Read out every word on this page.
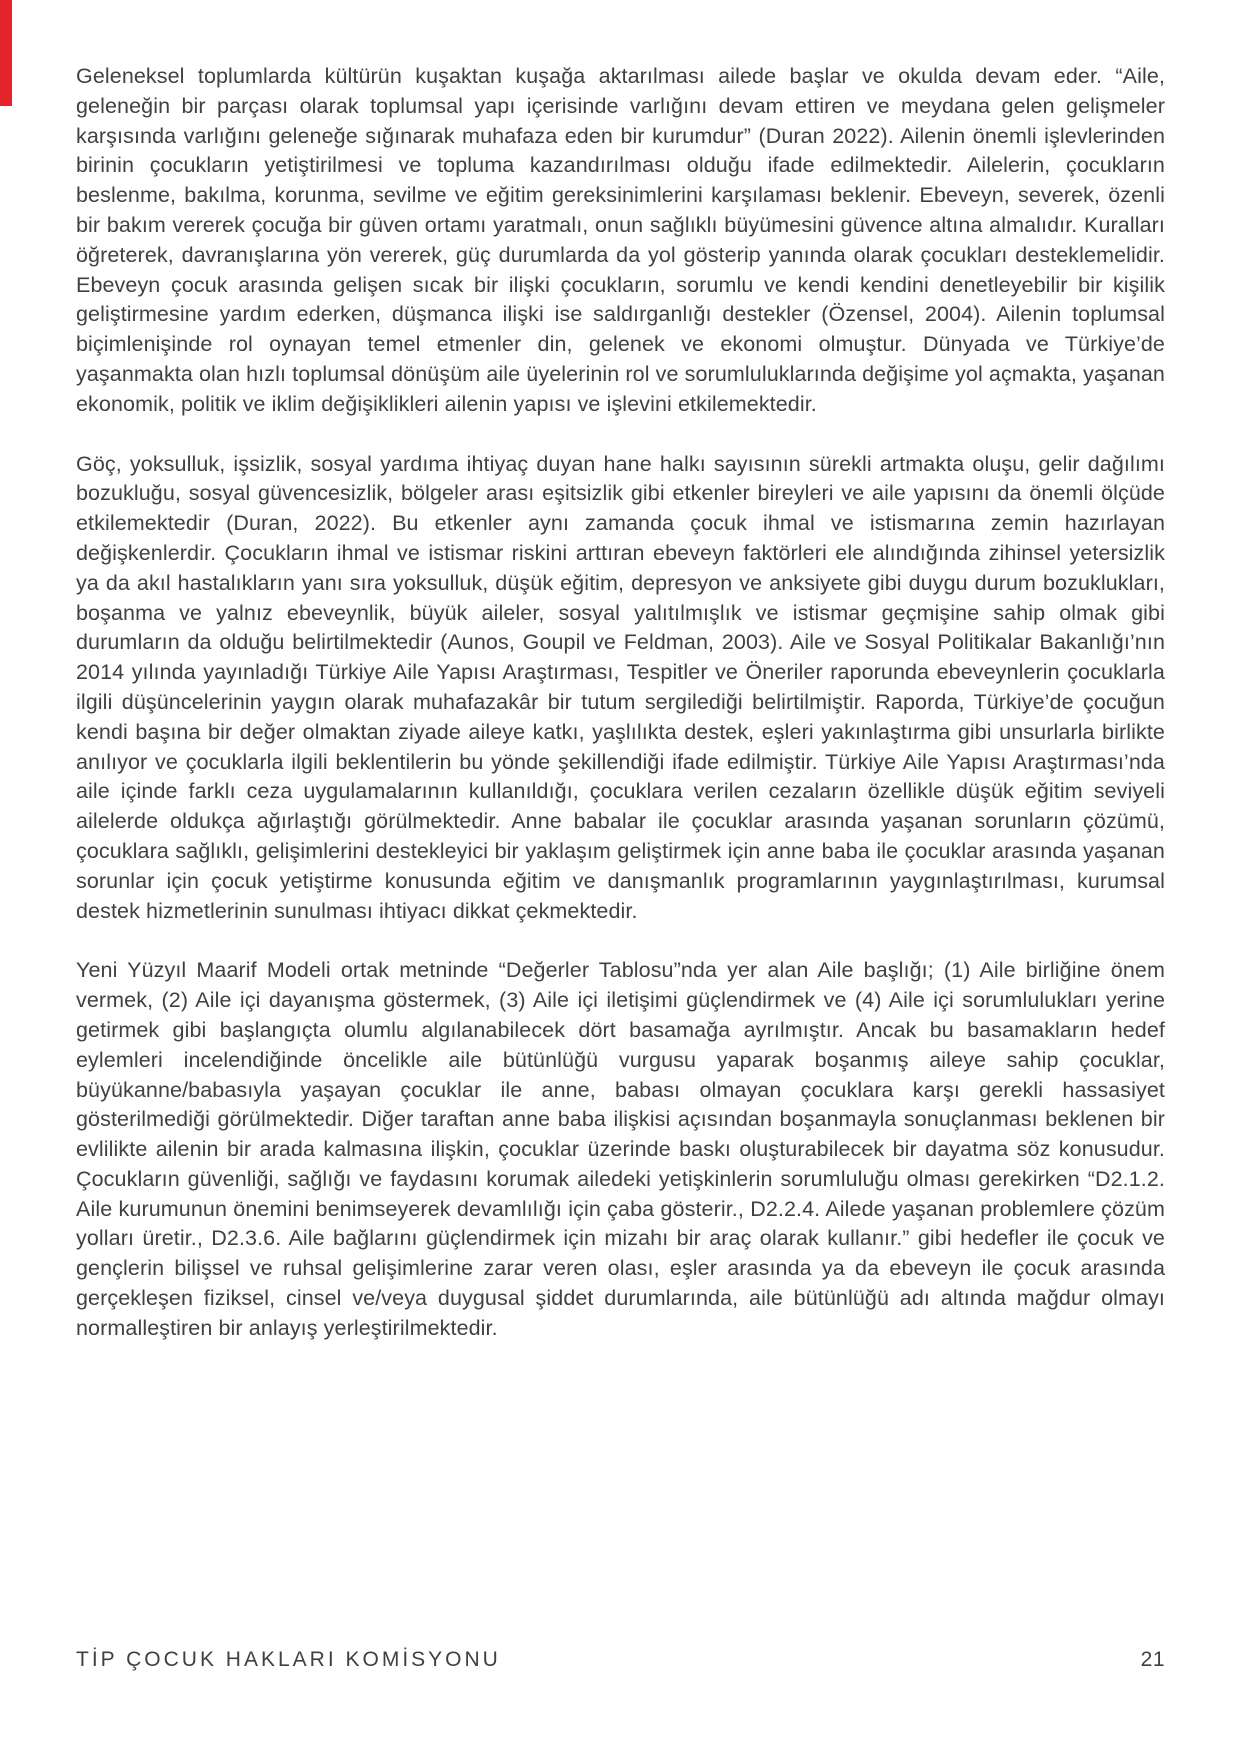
Geleneksel toplumlarda kültürün kuşaktan kuşağa aktarılması ailede başlar ve okulda devam eder. “Aile, geleneğin bir parçası olarak toplumsal yapı içerisinde varlığını devam ettiren ve meydana gelen gelişmeler karşısında varlığını geleneğe sığınarak muhafaza eden bir kurumdur” (Duran 2022). Ailenin önemli işlevlerinden birinin çocukların yetiştirilmesi ve topluma kazandırılması olduğu ifade edilmektedir. Ailelerin, çocukların beslenme, bakılma, korunma, sevilme ve eğitim gereksinimlerini karşılaması beklenir. Ebeveyn, severek, özenli bir bakım vererek çocuğa bir güven ortamı yaratmalı, onun sağlıklı büyümesini güvence altına almalıdır. Kuralları öğreterek, davranışlarına yön vererek, güç durumlarda da yol gösterip yanında olarak çocukları desteklemelidir. Ebeveyn çocuk arasında gelişen sıcak bir ilişki çocukların, sorumlu ve kendi kendini denetleyebilir bir kişilik geliştirmesine yardım ederken, düşmanca ilişki ise saldırganlığı destekler (Özensel, 2004). Ailenin toplumsal biçimlenişinde rol oynayan temel etmenler din, gelenek ve ekonomi olmuştur. Dünyada ve Türkiye’de yaşanmakta olan hızlı toplumsal dönüşüm aile üyelerinin rol ve sorumluluklarında değişime yol açmakta, yaşanan ekonomik, politik ve iklim değişiklikleri ailenin yapısı ve işlevini etkilemektedir.

Göç, yoksulluk, işsizlik, sosyal yardıma ihtiyaç duyan hane halkı sayısının sürekli artmakta oluşu, gelir dağılımı bozukluğu, sosyal güvencesizlik, bölgeler arası eşitsizlik gibi etkenler bireyleri ve aile yapısını da önemli ölçüde etkilemektedir (Duran, 2022). Bu etkenler aynı zamanda çocuk ihmal ve istismarına zemin hazırlayan değişkenlerdir. Çocukların ihmal ve istismar riskini arttıran ebeveyn faktörleri ele alındığında zihinsel yetersizlik ya da akıl hastalıkların yanı sıra yoksulluk, düşük eğitim, depresyon ve anksiyete gibi duygu durum bozuklukları, boşanma ve yalnız ebeveynlik, büyük aileler, sosyal yalıtılmışlık ve istismar geçmişine sahip olmak gibi durumların da olduğu belirtilmektedir (Aunos, Goupil ve Feldman, 2003). Aile ve Sosyal Politikalar Bakanlığı’nın 2014 yılında yayınladığı Türkiye Aile Yapısı Araştırması, Tespitler ve Öneriler raporunda ebeveynlerin çocuklarla ilgili düşüncelerinin yaygın olarak muhafazakâr bir tutum sergilediği belirtilmiştir. Raporda, Türkiye’de çocuğun kendi başına bir değer olmaktan ziyade aileye katkı, yaşlılıkta destek, eşleri yakınlaştırma gibi unsurlarla birlikte anılıyor ve çocuklarla ilgili beklentilerin bu yönde şekillendiği ifade edilmiştir. Türkiye Aile Yapısı Araştırması’nda aile içinde farklı ceza uygulamalarının kullanıldığı, çocuklara verilen cezaların özellikle düşük eğitim seviyeli ailelerde oldukça ağırlaştığı görülmektedir. Anne babalar ile çocuklar arasında yaşanan sorunların çözümü, çocuklara sağlıklı, gelişimlerini destekleyici bir yaklaşım geliştirmek için anne baba ile çocuklar arasında yaşanan sorunlar için çocuk yetiştirme konusunda eğitim ve danışmanlık programlarının yaygınlaştırılması, kurumsal destek hizmetlerinin sunulması ihtiyacı dikkat çekmektedir.

Yeni Yüzyıl Maarif Modeli ortak metninde “Değerler Tablosu”nda yer alan Aile başlığı; (1) Aile birliğine önem vermek, (2) Aile içi dayanışma göstermek, (3) Aile içi iletişimi güçlendirmek ve (4) Aile içi sorumlulukları yerine getirmek gibi başlangıçta olumlu algılanabilecek dört basamağa ayrılmıştır. Ancak bu basamakların hedef eylemleri incelendiğinde öncelikle aile bütünlüğü vurgusu yaparak boşanmış aileye sahip çocuklar, büyükanne/babasıyla yaşayan çocuklar ile anne, babası olmayan çocuklara karşı gerekli hassasiyet gösterilmediği görülmektedir. Diğer taraftan anne baba ilişkisi açısından boşanmayla sonuçlanması beklenen bir evlilikte ailenin bir arada kalmasına ilişkin, çocuklar üzerinde baskı oluşturabilecek bir dayatma söz konusudur. Çocukların güvenliği, sağlığı ve faydasını korumak ailedeki yetişkinlerin sorumluluğu olması gerekirken “D2.1.2. Aile kurumunun önemini benimseyerek devamlılığı için çaba gösterir., D2.2.4. Ailede yaşanan problemlere çözüm yolları üretir., D2.3.6. Aile bağlarını güçlendirmek için mizahı bir araç olarak kullanır.” gibi hedefler ile çocuk ve gençlerin bilişsel ve ruhsal gelişimlerine zarar veren olası, eşler arasında ya da ebeveyn ile çocuk arasında gerçekleşen fiziksel, cinsel ve/veya duygusal şiddet durumlarında, aile bütünlüğü adı altında mağdur olmayı normalleştiren bir anlayış yerleştirilmektedir.

TİP ÇOCUK HAKLARI KOMİSYONU	21
